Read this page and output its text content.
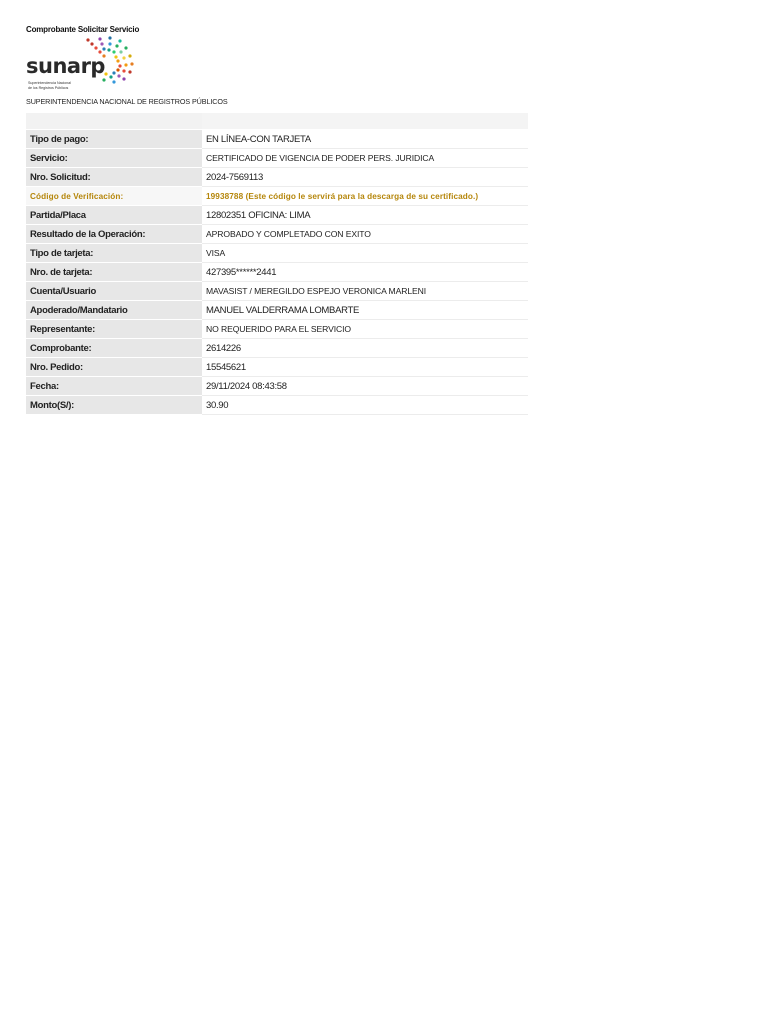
Comprobante Solicitar Servicio
sunarp
Superintendencia Nacional
de los Registros Públicos
SUPERINTENDENCIA NACIONAL DE REGISTROS PÚBLICOS

Tipo de pago:	EN LÍNEA-CON TARJETA
Servicio:	CERTIFICADO DE VIGENCIA DE PODER PERS. JURIDICA
Nro. Solicitud:	2024-7569113
Código de Verificación:	19938788 (Este código le servirá para la descarga de su certificado.)
Partida/Placa	12802351 OFICINA: LIMA
Resultado de la Operación:	APROBADO Y COMPLETADO CON EXITO
Tipo de tarjeta:	VISA
Nro. de tarjeta:	427395******2441
Cuenta/Usuario	MAVASIST / MEREGILDO ESPEJO VERONICA MARLENI
Apoderado/Mandatario	MANUEL VALDERRAMA LOMBARTE
Representante:	NO REQUERIDO PARA EL SERVICIO
Comprobante:	2614226
Nro. Pedido:	15545621
Fecha:	29/11/2024 08:43:58
Monto(S/):	30.90
